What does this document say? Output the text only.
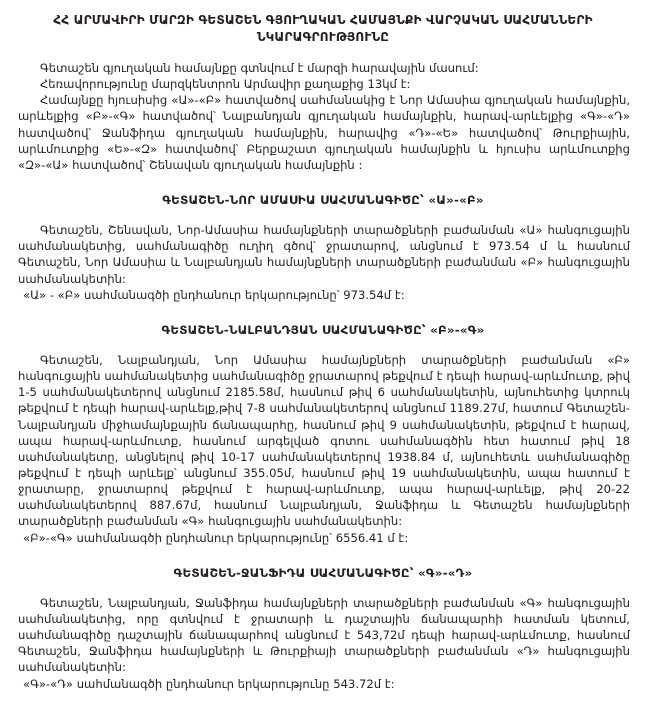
ՀՀ ԱՐՄԱՎԻՐԻ ՄԱՐԶԻ ԳԵՏԱՇԵՆ ԳՅՈՒՂԱԿԱՆ ՀԱՄԱՅՆՔԻ ՎԱՐՉԱԿԱՆ ՍԱՀՄԱՆՆԵՐԻ ՆԿԱՐԱԳՐՈՒԹՅՈՒՆԸ

Գետաշեն գյուղական համայնքը գտնվում է մարզի հարավային մասում:

Հեռավորությունը մարզկենտրոն Արմավիր քաղաքից 13կմ է:

Համայնքը հյուսիսից «Ա»-«Բ» հատվածով սահմանակից է Նոր Ամասիա գյուղական համայնքին, արևելքից «Բ»-«Գ» հատվածով՝ Նալբանդյան գյուղական համայնքին, հարավ-արևելքից «Գ»-«Դ» հատվածով՝ Ջանֆիդա գյուղական համայնքին, հարավից «Դ»-«Ե» հատվածով՝ Թուրքիային, արևմուտքից «Ե»-«Զ» հատվածով՝ Բերքաշատ գյուղական համայնքին և հյուսիս արևմուտքից «Զ»-«Ա» հատվածով՝ Շենավան գյուղական համայնքին :

ԳԵՏԱՇԵՆ-ՆՈՐ ԱՄԱՍԻԱ ՍԱՀՄԱՆԱԳԻԾԸ՝ «Ա»-«Բ»

Գետաշեն, Շենավան, Նոր-Ամասիա համայնքների տարածքների բաժանման «Ա» հանգուցային սահմանակետից, սահմանագիծը ուղիղ գծով՝ ջրատարով, անցնում է 973.54 մ և հասնում Գետաշեն, Նոր Ամասիա և Նալբանդյան համայնքների տարածքների բաժանման «Բ» հանգուցային սահմանակետին:

«Ա» - «Բ» սահմանագծի ընդհանուր երկարությունը՝ 973.54մ է:

ԳԵՏԱՇԵՆ-ՆԱԼԲԱՆԴՅԱՆ ՍԱՀՄԱՆԱԳԻԾԸ՝ «Բ»-«Գ»

Գետաշեն, Նալբանդյան, Նոր Ամասիա համայնքների տարածքների բաժանման «Բ» հանգուցային սահմանակետից սահմանագիծը ջրատարով թեքվում է դեպի հարավ-արևմուտք, թիվ 1-5 սահմանակետերով անցնում 2185.58մ, հասնում թիվ 6 սահմանակետին, այնուհետից կտրուկ թեքվում է դեպի հարավ-արևելք,թիվ 7-8 սահմանակետերով անցնում 1189.27մ, հատում Գետաշեն-Նալբանդյան միջհամայնքային ճանապարհը, հասնում թիվ 9 սահմանակետին, թեքվում է հարավ, ապա հարավ-արևմուտք, հասնում արգելված գոտու սահմանագծին հետ հատում թիվ 18 սահմանակետը, անցնելով թիվ 10-17 սահմանակետերով 1938.84 մ, այնուհետև սահմանագիծը թեքվում է դեպի արևելք՝ անցնում 355.05մ, հասնում թիվ 19 սահմանակետին, ապա հատում է ջրատարը, ջրատարով թեքվում է հարավ-արևմուտք, ապա հարավ-արևելք, թիվ 20-22 սահմանակետերով 887.67մ, հասնում Նալբանդյան, Ջանֆիդա և Գետաշեն համայնքների տարածքների բաժանման «Գ» հանգուցային սահմանակետին:

«Բ»-«Գ» սահմանագծի ընդհանուր երկարությունը՝ 6556.41 մ է:

ԳԵՏԱՇԵՆ-ՋԱՆՖԻԴԱ ՍԱՀՄԱՆԱԳԻԾԸ՝ «Գ»-«Դ»

Գետաշեն, Նալբանդյան, Ջանֆիդա համայնքների տարածքների բաժանման «Գ» հանգուցային սահմանակետից, որը գտնվում է ջրատարի և դաշտային ճանապարհի հատման կետում, սահմանագիծը դաշտային ճանապարհով անցնում է 543,72մ դեպի հարավ-արևմուտք, հասնում Գետաշեն, Ջանֆիդա համայնքների և Թուրքիայի տարածքների բաժանման «Դ» հանգուցային սահմանակետին:

«Գ»-«Դ» սահմանագծի ընդհանուր երկարությունը 543.72մ է:
